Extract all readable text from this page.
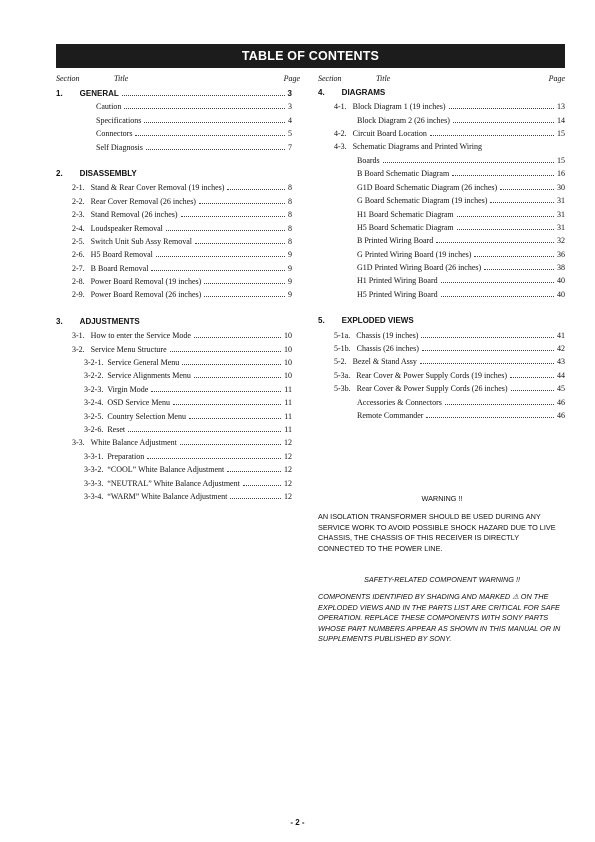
TABLE OF CONTENTS
Section	Title	Page Section	Title	Page
1.	GENERAL	3
Caution	3
Specifications	4
Connectors	5
Self Diagnosis	7
2.	DISASSEMBLY
2-1. Stand & Rear Cover Removal (19 inches)	8
2-2. Rear Cover Removal (26 inches)	8
2-3. Stand Removal (26 inches)	8
2-4. Loudspeaker Removal	8
2-5. Switch Unit Sub Assy Removal	8
2-6. H5 Board Removal	9
2-7. B Board Removal	9
2-8. Power Board Removal (19 inches)	9
2-9. Power Board Removal (26 inches)	9
3.	ADJUSTMENTS
3-1. How to enter the Service Mode	10
3-2. Service Menu Structure	10
3-2-1. Service General Menu	10
3-2-2. Service Alignments Menu	10
3-2-3. Virgin Mode	11
3-2-4. OSD Service Menu	11
3-2-5. Country Selection Menu	11
3-2-6. Reset	11
3-3. White Balance Adjustment	12
3-3-1. Preparation	12
3-3-2. “COOL” White Balance Adjustment	12
3-3-3. “NEUTRAL” White Balance Adjustment	12
3-3-4. “WARM” White Balance Adjustment	12
4.	DIAGRAMS
4-1. Block Diagram 1 (19 inches)	13
Block Diagram 2 (26 inches)	14
4-2. Circuit Board Location	15
4-3. Schematic Diagrams and Printed Wiring
Boards	15
B Board Schematic Diagram	16
G1D Board Schematic Diagram (26 inches)	30
G Board Schematic Diagram (19 inches)	31
H1 Board Schematic Diagram	31
H5 Board Schematic Diagram	31
B Printed Wiring Board	32
G Printed Wiring Board (19 inches)	36
G1D Printed Wiring Board (26 inches)	38
H1 Printed Wiring Board	40
H5 Printed Wiring Board	40
5.	EXPLODED VIEWS
5-1a. Chassis (19 inches)	41
5-1b. Chassis (26 inches)	42
5-2. Bezel & Stand Assy	43
5-3a. Rear Cover & Power Supply Cords (19 inches)	44
5-3b. Rear Cover & Power Supply Cords (26 inches)	45
Accessories & Connectors	46
Remote Commander	46
WARNING !!
AN ISOLATION TRANSFORMER SHOULD BE USED DURING ANY SERVICE WORK TO AVOID POSSIBLE SHOCK HAZARD DUE TO LIVE CHASSIS, THE CHASSIS OF THIS RECEIVER IS DIRECTLY CONNECTED TO THE POWER LINE.
SAFETY-RELATED COMPONENT WARNING !!
COMPONENTS IDENTIFIED BY SHADING AND MARKED ⚠ ON THE EXPLODED VIEWS AND IN THE PARTS LIST ARE CRITICAL FOR SAFE OPERATION. REPLACE THESE COMPONENTS WITH SONY PARTS WHOSE PART NUMBERS APPEAR AS SHOWN IN THIS MANUAL OR IN SUPPLEMENTS PUBLISHED BY SONY.
- 2 -
